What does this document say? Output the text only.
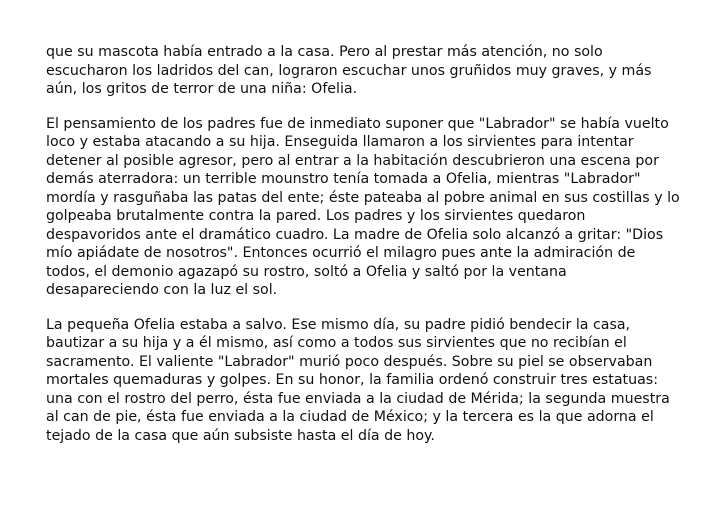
que su mascota había entrado a la casa. Pero al prestar más atención, no solo
escucharon los ladridos del can, lograron escuchar unos gruñidos muy graves, y más
aún, los gritos de terror de una niña: Ofelia.

El pensamiento de los padres fue de inmediato suponer que "Labrador" se había vuelto
loco y estaba atacando a su hija. Enseguida llamaron a los sirvientes para intentar
detener al posible agresor, pero al entrar a la habitación descubrieron una escena por
demás aterradora: un terrible mounstro tenía tomada a Ofelia, mientras "Labrador"
mordía y rasguñaba las patas del ente; éste pateaba al pobre animal en sus costillas y lo
golpeaba brutalmente contra la pared. Los padres y los sirvientes quedaron
despavoridos ante el dramático cuadro. La madre de Ofelia solo alcanzó a gritar: "Dios
mío apiádate de nosotros". Entonces ocurrió el milagro pues ante la admiración de
todos, el demonio agazapó su rostro, soltó a Ofelia y saltó por la ventana
desapareciendo con la luz el sol.

La pequeña Ofelia estaba a salvo. Ese mismo día, su padre pidió bendecir la casa,
bautizar a su hija y a él mismo, así como a todos sus sirvientes que no recibían el
sacramento. El valiente "Labrador" murió poco después. Sobre su piel se observaban
mortales quemaduras y golpes. En su honor, la familia ordenó construir tres estatuas:
una con el rostro del perro, ésta fue enviada a la ciudad de Mérida; la segunda muestra
al can de pie, ésta fue enviada a la ciudad de México; y la tercera es la que adorna el
tejado de la casa que aún subsiste hasta el día de hoy.
